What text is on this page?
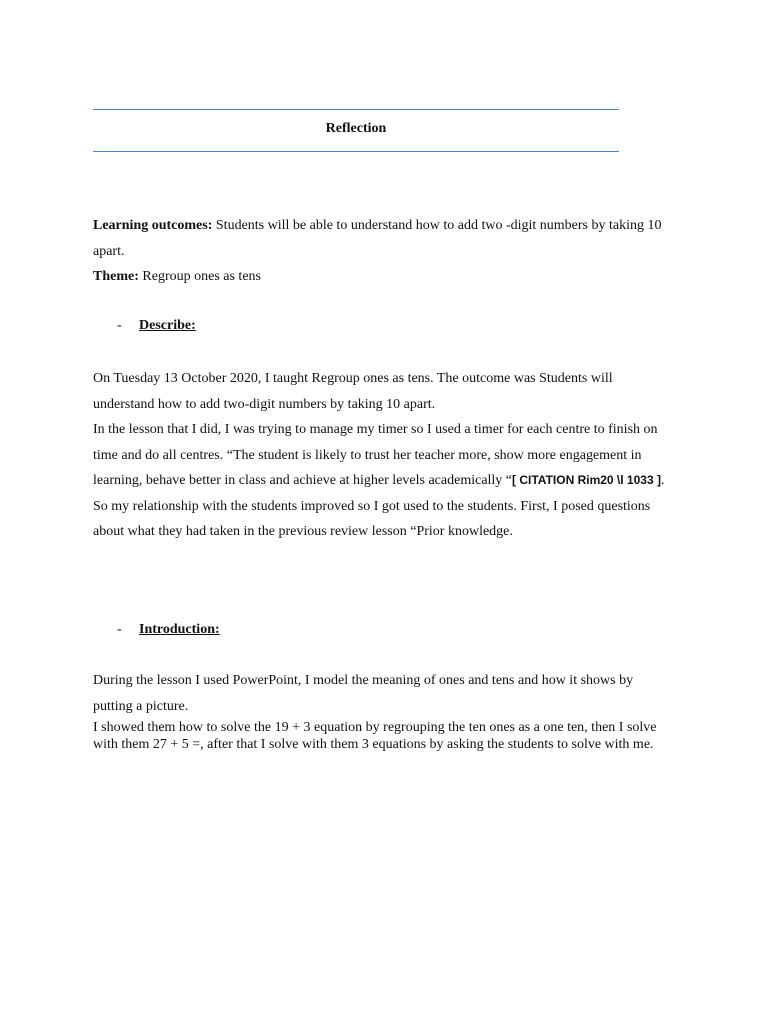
Reflection

Learning outcomes: Students will be able to understand how to add two -digit numbers by taking 10 apart.

Theme: Regroup ones as tens

- Describe:

On Tuesday 13 October 2020, I taught Regroup ones as tens. The outcome was Students will understand how to add two-digit numbers by taking 10 apart.

In the lesson that I did, I was trying to manage my timer so I used a timer for each centre to finish on time and do all centres. “The student is likely to trust her teacher more, show more engagement in learning, behave better in class and achieve at higher levels academically “[ CITATION Rim20 \l 1033 ]. So my relationship with the students improved so I got used to the students. First, I posed questions about what they had taken in the previous review lesson “Prior knowledge.

- Introduction:

During the lesson I used PowerPoint, I model the meaning of ones and tens and how it shows by putting a picture.

I showed them how to solve the 19 + 3 equation by regrouping the ten ones as a one ten, then I solve with them 27 + 5 =, after that I solve with them 3 equations by asking the students to solve with me.
